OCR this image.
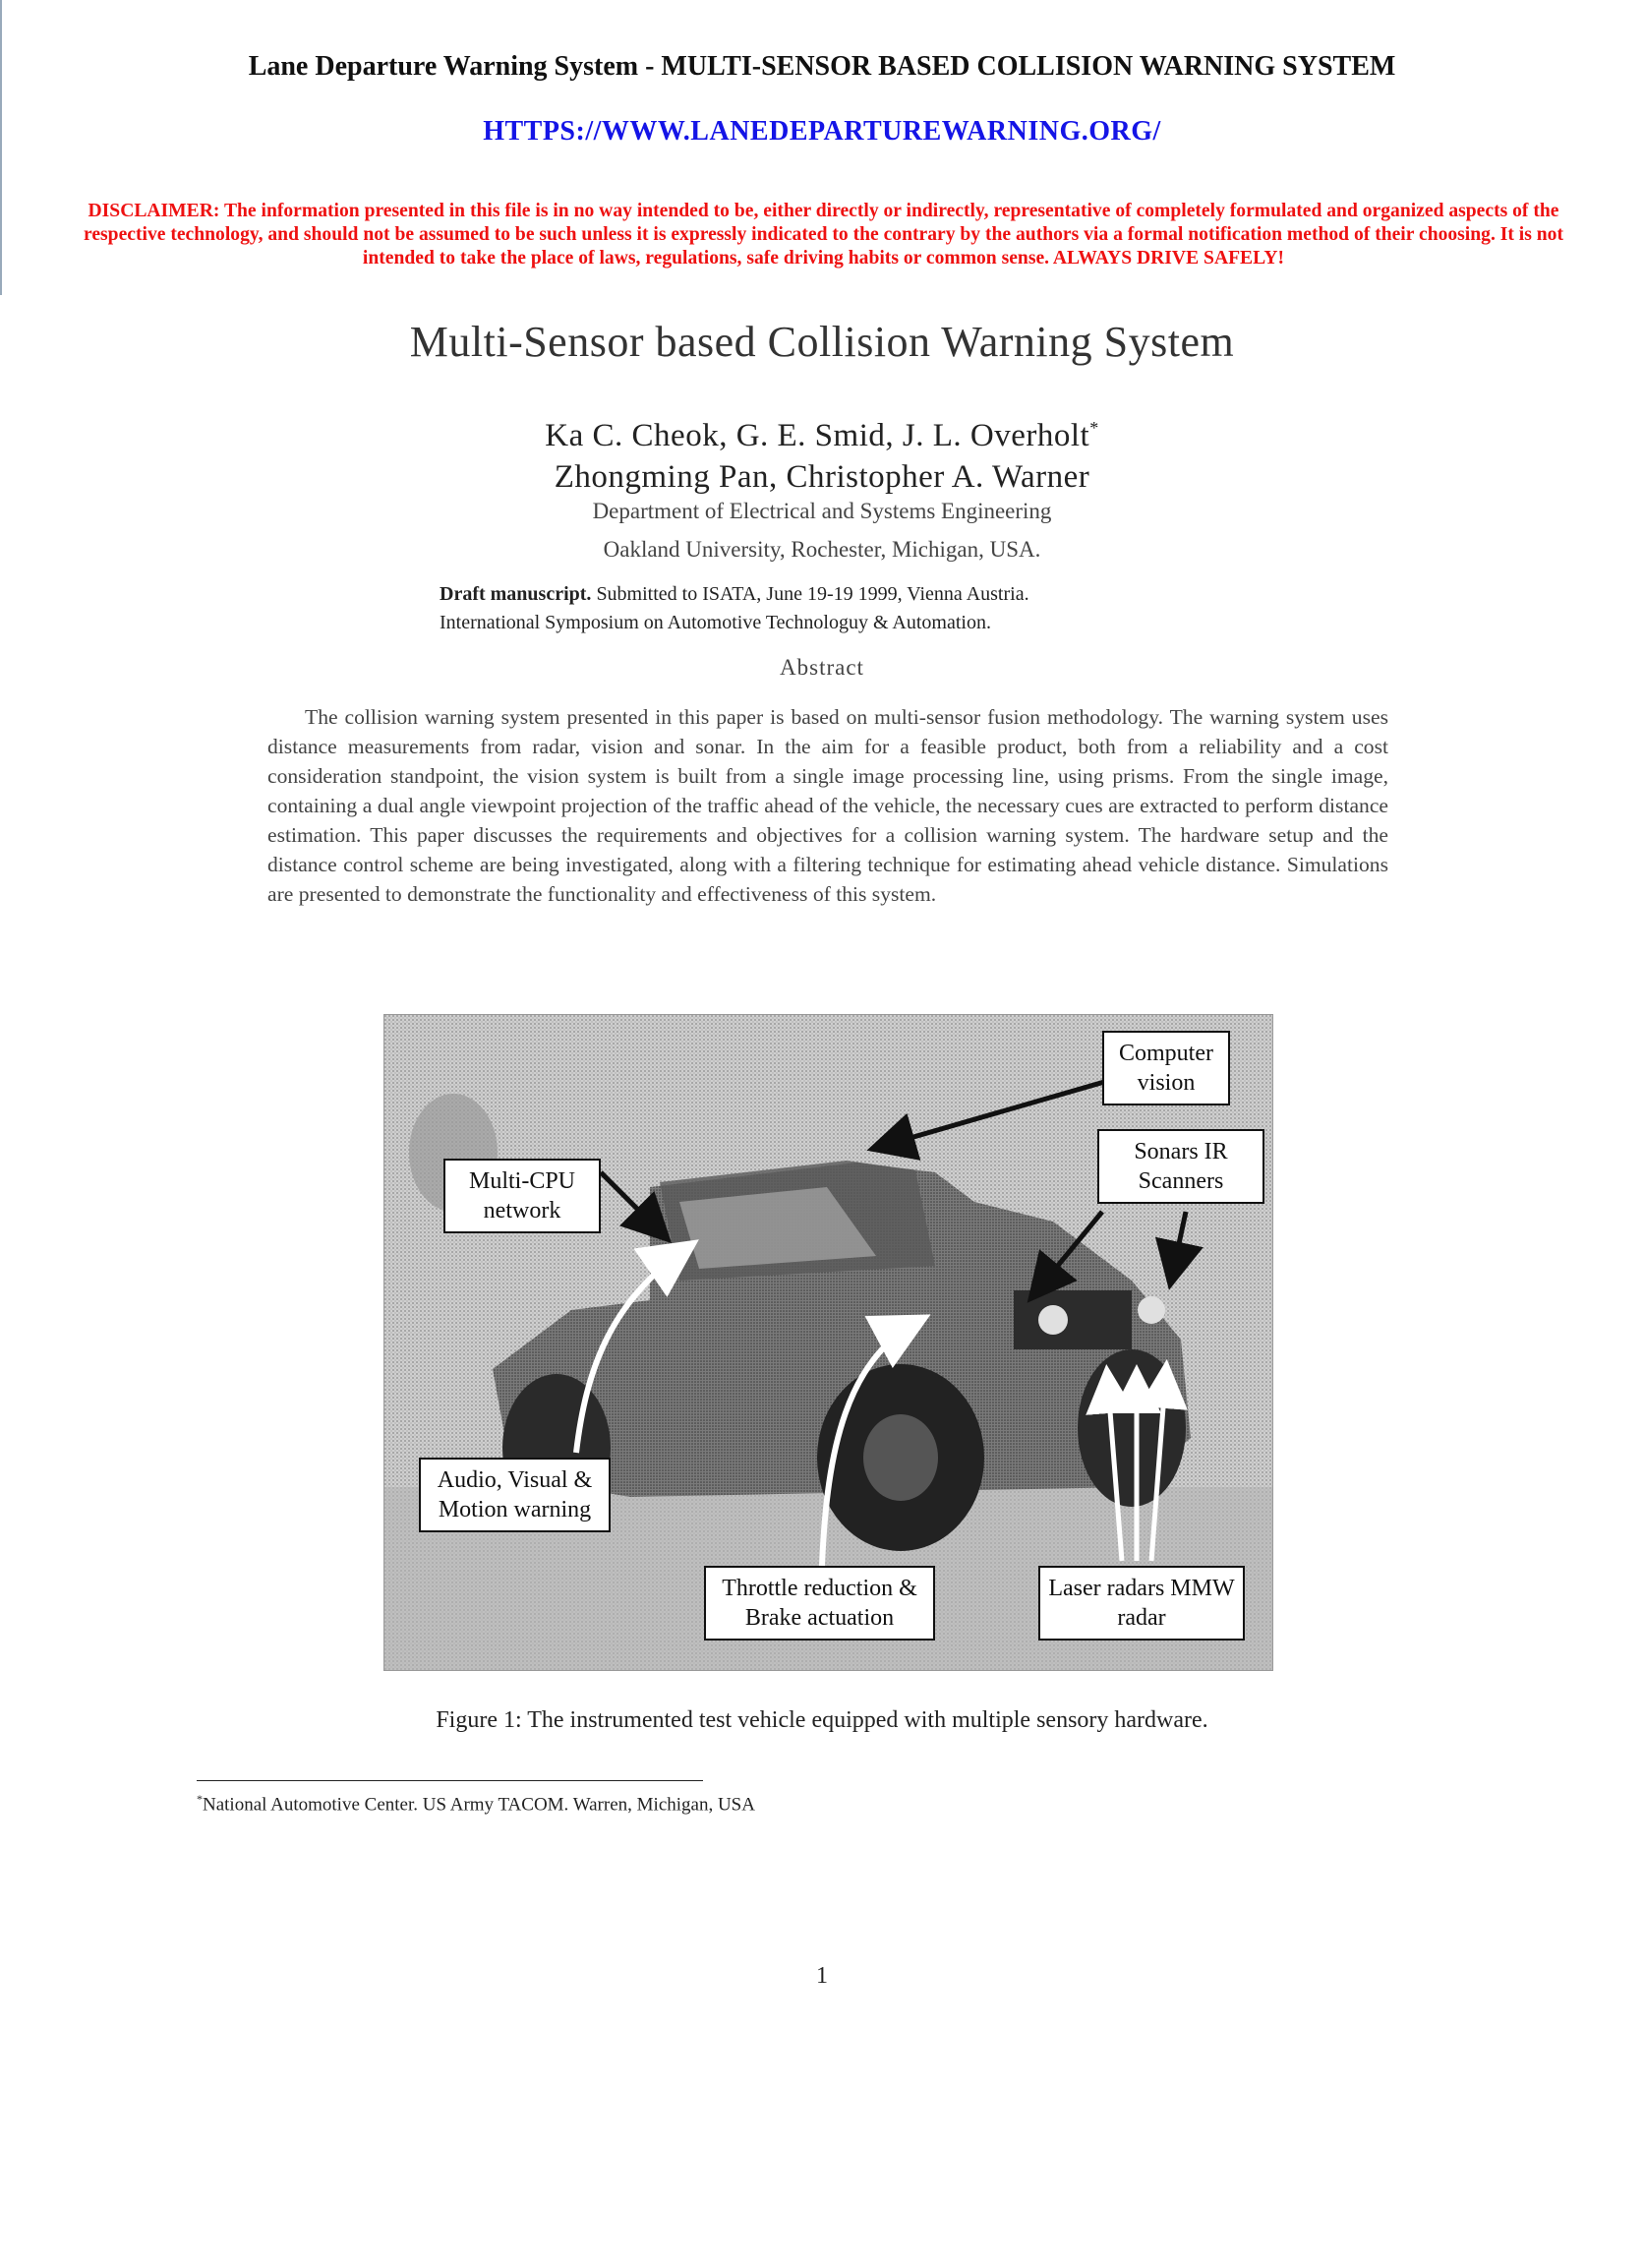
Lane Departure Warning System - MULTI-SENSOR BASED COLLISION WARNING SYSTEM
HTTPS://WWW.LANEDEPARTUREWARNING.ORG/
DISCLAIMER: The information presented in this file is in no way intended to be, either directly or indirectly, representative of completely formulated and organized aspects of the respective technology, and should not be assumed to be such unless it is expressly indicated to the contrary by the authors via a formal notification method of their choosing. It is not intended to take the place of laws, regulations, safe driving habits or common sense. ALWAYS DRIVE SAFELY!
Multi-Sensor based Collision Warning System
Ka C. Cheok, G. E. Smid, J. L. Overholt*
Zhongming Pan, Christopher A. Warner
Department of Electrical and Systems Engineering
Oakland University, Rochester, Michigan, USA.
Draft manuscript. Submitted to ISATA, June 19-19 1999, Vienna Austria.
International Symposium on Automotive Technologuy & Automation.
Abstract
The collision warning system presented in this paper is based on multi-sensor fusion methodology. The warning system uses distance measurements from radar, vision and sonar. In the aim for a feasible product, both from a reliability and a cost consideration standpoint, the vision system is built from a single image processing line, using prisms. From the single image, containing a dual angle viewpoint projection of the traffic ahead of the vehicle, the necessary cues are extracted to perform distance estimation. This paper discusses the requirements and objectives for a collision warning system. The hardware setup and the distance control scheme are being investigated, along with a filtering technique for estimating ahead vehicle distance. Simulations are presented to demonstrate the functionality and effectiveness of this system.
Computer vision
Sonars IR Scanners
Multi-CPU network
Audio, Visual & Motion warning
Throttle reduction & Brake actuation
Laser radars MMW radar
Figure 1: The instrumented test vehicle equipped with multiple sensory hardware.
*National Automotive Center. US Army TACOM. Warren, Michigan, USA
1
